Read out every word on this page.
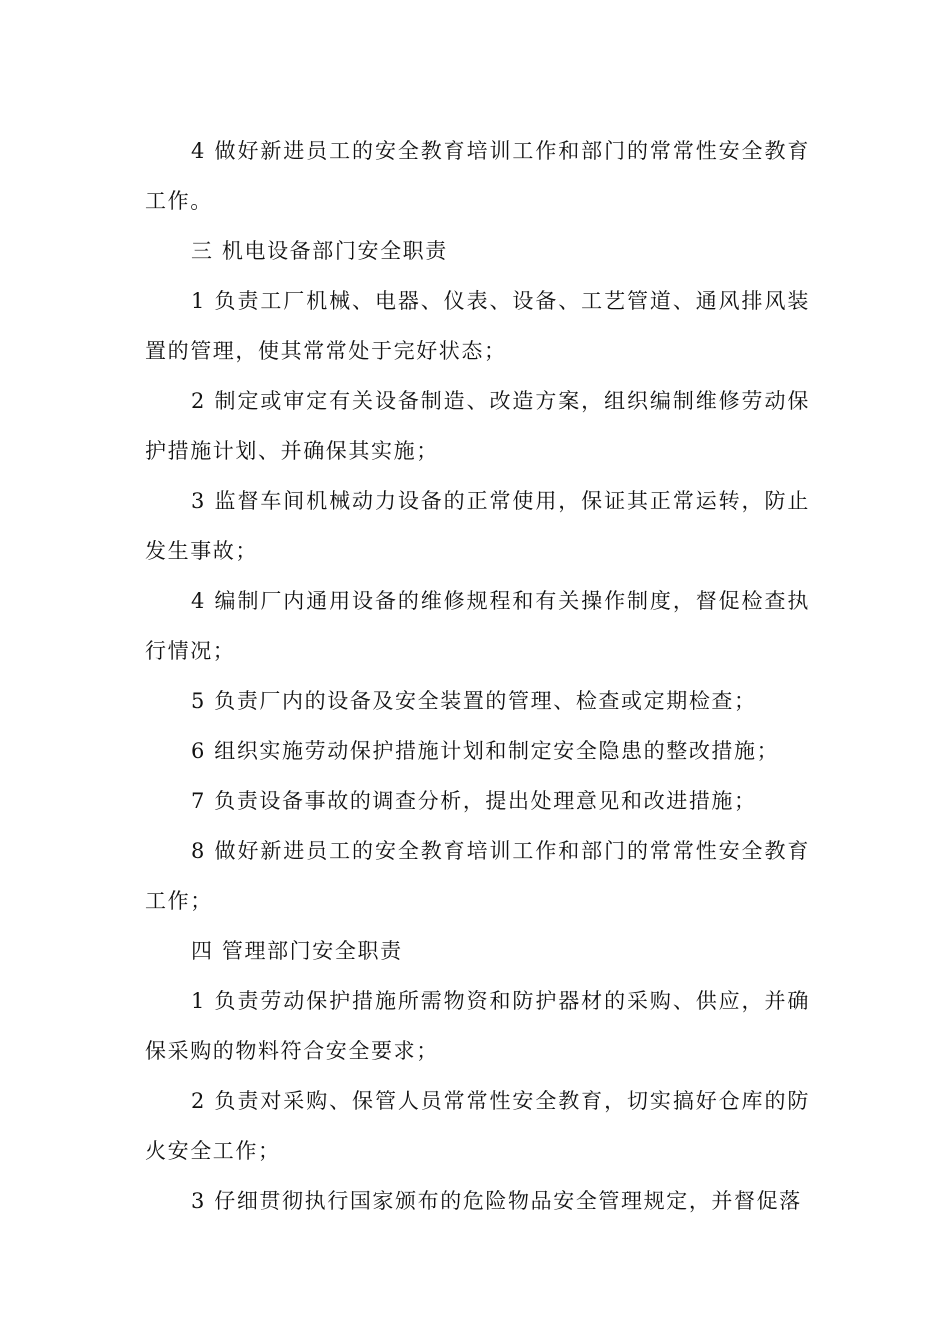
4 做好新进员工的安全教育培训工作和部门的常常性安全教育工作。

三 机电设备部门安全职责

1 负责工厂机械、电器、仪表、设备、工艺管道、通风排风装置的管理，使其常常处于完好状态；

2 制定或审定有关设备制造、改造方案，组织编制维修劳动保护措施计划、并确保其实施；

3 监督车间机械动力设备的正常使用，保证其正常运转，防止发生事故；

4 编制厂内通用设备的维修规程和有关操作制度，督促检查执行情况；

5 负责厂内的设备及安全装置的管理、检查或定期检查；

6 组织实施劳动保护措施计划和制定安全隐患的整改措施；

7 负责设备事故的调查分析，提出处理意见和改进措施；

8 做好新进员工的安全教育培训工作和部门的常常性安全教育工作；

四 管理部门安全职责

1 负责劳动保护措施所需物资和防护器材的采购、供应，并确保采购的物料符合安全要求；

2 负责对采购、保管人员常常性安全教育，切实搞好仓库的防火安全工作；

3 仔细贯彻执行国家颁布的危险物品安全管理规定，并督促落
